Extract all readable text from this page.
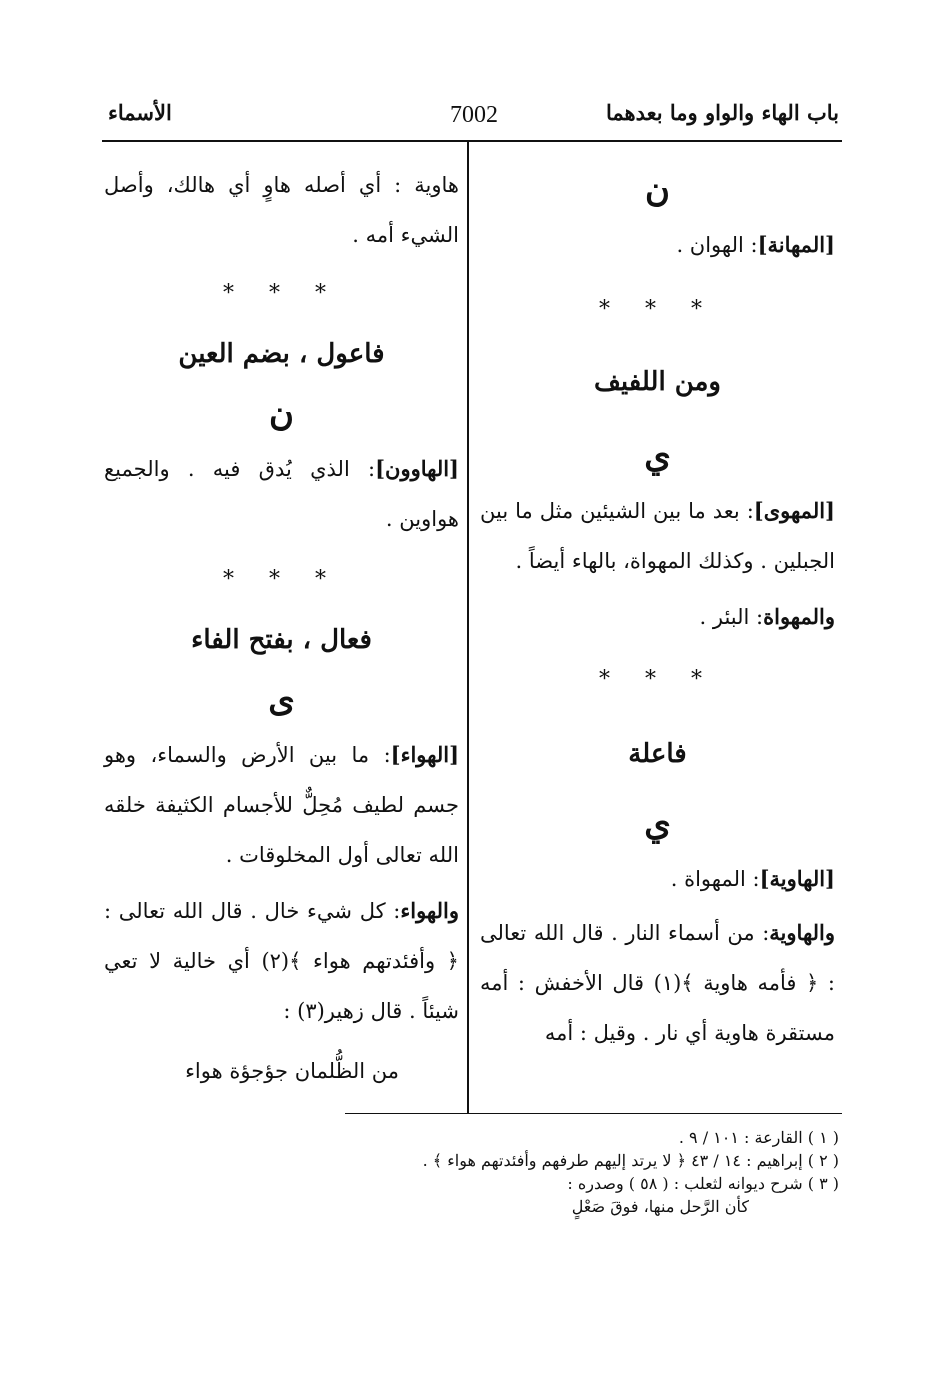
باب الهاء والواو وما بعدهما
7002
الأسماء

ن

[المهانة]: الهوان .

* * *

ومن اللفيف

ي

[المهوى]: بعد ما بين الشيئين مثل ما بين الجبلين . وكذلك المهواة، بالهاء أيضاً .

والمهواة: البئر .

* * *

فاعلة

ي

[الهاوية]: المهواة .

والهاوية: من أسماء النار . قال الله تعالى : ﴿ فأمه هاوية ﴾(١) قال الأخفش : أمه مستقرة هاوية أي نار . وقيل : أمه

هاوية : أي أصله هاوٍ أي هالك، وأصل الشيء أمه .

* * *

فاعول ، بضم العين

ن

[الهاوون]: الذي يُدق فيه . والجميع هواوين .

* * *

فعال ، بفتح الفاء

ى

[الهواء]: ما بين الأرض والسماء، وهو جسم لطيف مُحِلٌّ للأجسام الكثيفة خلقه الله تعالى أول المخلوقات .

والهواء: كل شيء خال . قال الله تعالى : ﴿ وأفئدتهم هواء ﴾(٢) أي خالية لا تعي شيئاً . قال زهير(٣) :

من الظُّلمان جؤجؤة هواء

( ١ ) القارعة : ١٠١ / ٩ .

( ٢ ) إبراهيم : ١٤ / ٤٣ ﴿ لا يرتد إليهم طرفهم وأفئدتهم هواء ﴾ .

( ٣ ) شرح ديوانه لثعلب : ( ٥٨ ) وصدره :

كأن الرَّحل منها، فوقَ صَعْلٍ
